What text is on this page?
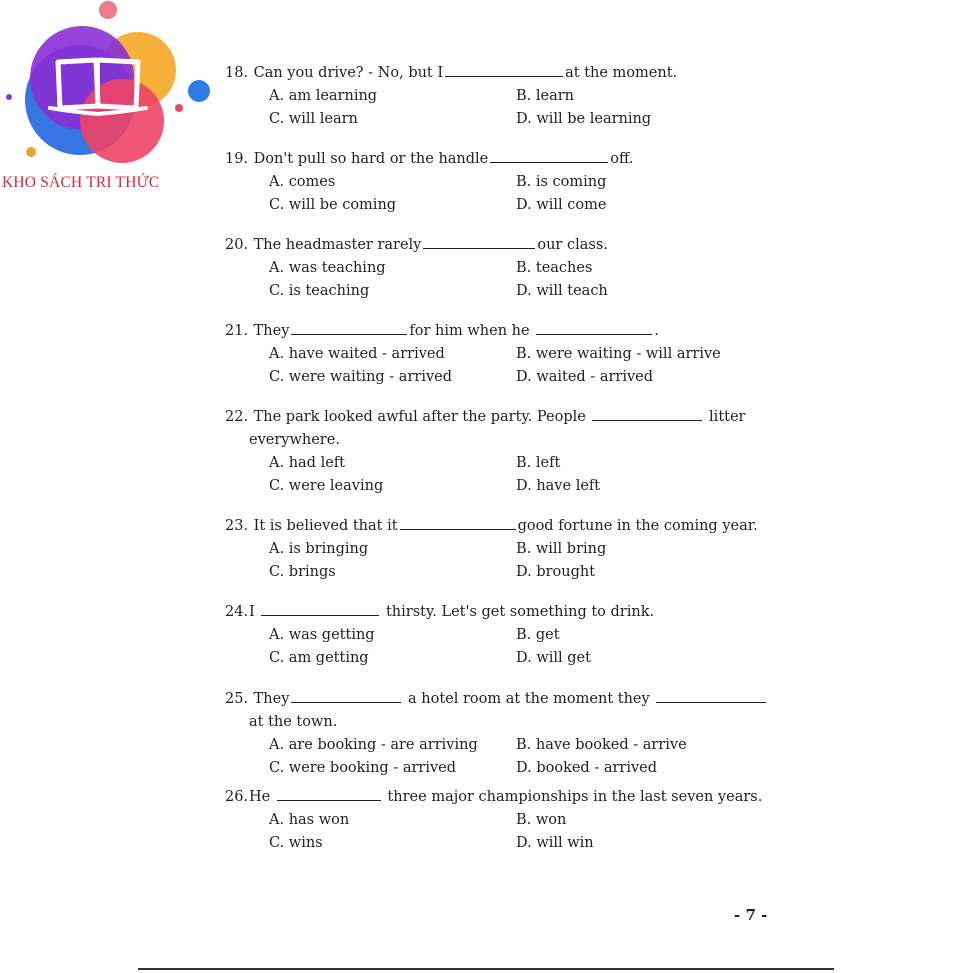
KHO SÁCH TRI THỨC
18. Can you drive? - No, but I	at the moment.
A. am learning	B. learn
C. will learn	D. will be learning
19. Don't pull so hard or the handle	off.
A. comes	B. is coming
C. will be coming	D. will come
20. The headmaster rarely	our class.
A. was teaching	B. teaches
C. is teaching	D. will teach
21. They	for him when he	.
A. have waited - arrived	B. were waiting - will arrive
C. were waiting - arrived	D. waited - arrived
22. The park looked awful after the party. People	litter
everywhere.
A. had left	B. left
C. were leaving	D. have left
23. It is believed that it	good fortune in the coming year.
A. is bringing	B. will bring
C. brings	D. brought
24.I	thirsty. Let's get something to drink.
A. was getting	B. get
C. am getting	D. will get
25. They	a hotel room at the moment they
at the town.
A. are booking - are arriving	B. have booked - arrive
C. were booking - arrived	D. booked - arrived
26.He	three major championships in the last seven years.
A. has won	B. won
C. wins	D. will win
- 7 -
